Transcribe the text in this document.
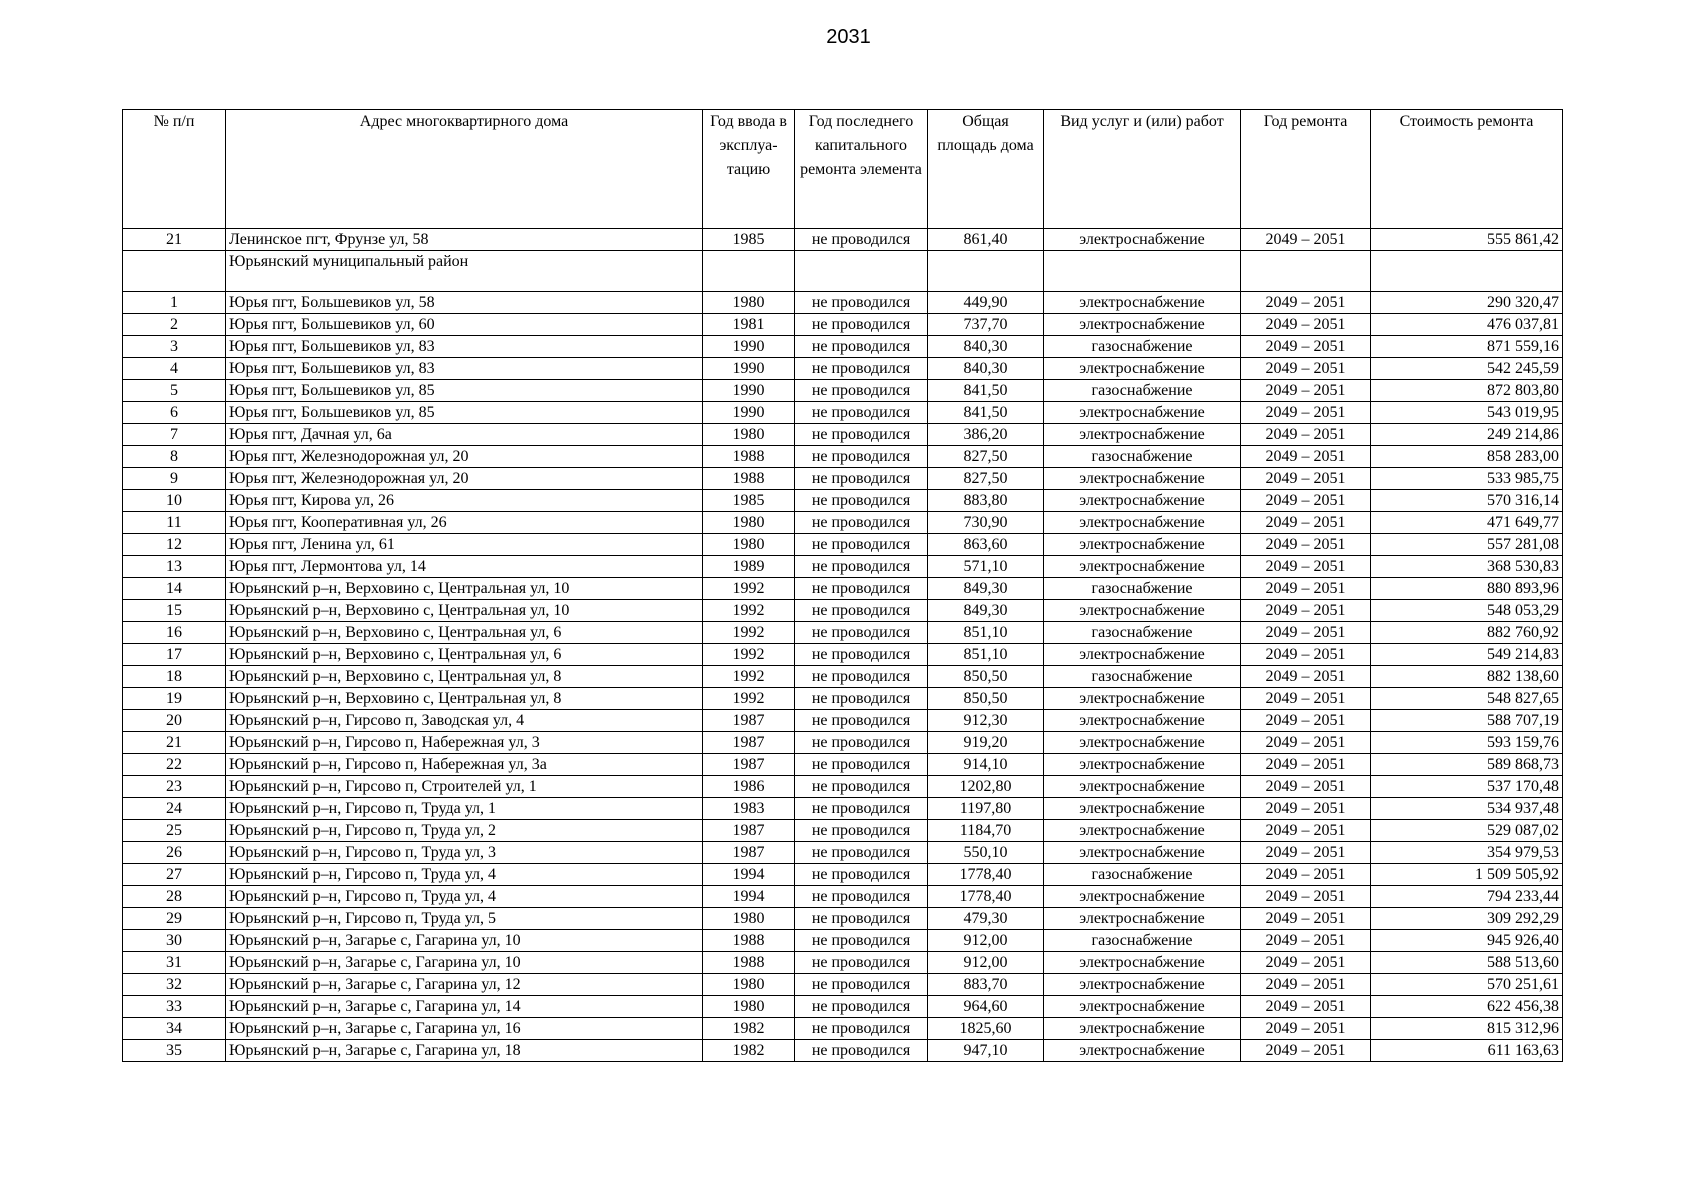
2031
№ п/п	Адрес многоквартирного дома	Год ввода в эксплуа- тацию	Год последнего капитального ремонта элемента	Общая площадь дома	Вид услуг и (или) работ	Год ремонта	Стоимость ремонта
21	Ленинское пгт, Фрунзе ул, 58	1985	не проводился	861,40	электроснабжение	2049 – 2051	555 861,42
	Юрьянский муниципальный район						
1	Юрья пгт, Большевиков ул, 58	1980	не проводился	449,90	электроснабжение	2049 – 2051	290 320,47
2	Юрья пгт, Большевиков ул, 60	1981	не проводился	737,70	электроснабжение	2049 – 2051	476 037,81
3	Юрья пгт, Большевиков ул, 83	1990	не проводился	840,30	газоснабжение	2049 – 2051	871 559,16
4	Юрья пгт, Большевиков ул, 83	1990	не проводился	840,30	электроснабжение	2049 – 2051	542 245,59
5	Юрья пгт, Большевиков ул, 85	1990	не проводился	841,50	газоснабжение	2049 – 2051	872 803,80
6	Юрья пгт, Большевиков ул, 85	1990	не проводился	841,50	электроснабжение	2049 – 2051	543 019,95
7	Юрья пгт, Дачная ул, 6а	1980	не проводился	386,20	электроснабжение	2049 – 2051	249 214,86
8	Юрья пгт, Железнодорожная ул, 20	1988	не проводился	827,50	газоснабжение	2049 – 2051	858 283,00
9	Юрья пгт, Железнодорожная ул, 20	1988	не проводился	827,50	электроснабжение	2049 – 2051	533 985,75
10	Юрья пгт, Кирова ул, 26	1985	не проводился	883,80	электроснабжение	2049 – 2051	570 316,14
11	Юрья пгт, Кооперативная ул, 26	1980	не проводился	730,90	электроснабжение	2049 – 2051	471 649,77
12	Юрья пгт, Ленина ул, 61	1980	не проводился	863,60	электроснабжение	2049 – 2051	557 281,08
13	Юрья пгт, Лермонтова ул, 14	1989	не проводился	571,10	электроснабжение	2049 – 2051	368 530,83
14	Юрьянский р–н, Верховино с, Центральная ул, 10	1992	не проводился	849,30	газоснабжение	2049 – 2051	880 893,96
15	Юрьянский р–н, Верховино с, Центральная ул, 10	1992	не проводился	849,30	электроснабжение	2049 – 2051	548 053,29
16	Юрьянский р–н, Верховино с, Центральная ул, 6	1992	не проводился	851,10	газоснабжение	2049 – 2051	882 760,92
17	Юрьянский р–н, Верховино с, Центральная ул, 6	1992	не проводился	851,10	электроснабжение	2049 – 2051	549 214,83
18	Юрьянский р–н, Верховино с, Центральная ул, 8	1992	не проводился	850,50	газоснабжение	2049 – 2051	882 138,60
19	Юрьянский р–н, Верховино с, Центральная ул, 8	1992	не проводился	850,50	электроснабжение	2049 – 2051	548 827,65
20	Юрьянский р–н, Гирсово п, Заводская ул, 4	1987	не проводился	912,30	электроснабжение	2049 – 2051	588 707,19
21	Юрьянский р–н, Гирсово п, Набережная ул, 3	1987	не проводился	919,20	электроснабжение	2049 – 2051	593 159,76
22	Юрьянский р–н, Гирсово п, Набережная ул, 3а	1987	не проводился	914,10	электроснабжение	2049 – 2051	589 868,73
23	Юрьянский р–н, Гирсово п, Строителей ул, 1	1986	не проводился	1202,80	электроснабжение	2049 – 2051	537 170,48
24	Юрьянский р–н, Гирсово п, Труда ул, 1	1983	не проводился	1197,80	электроснабжение	2049 – 2051	534 937,48
25	Юрьянский р–н, Гирсово п, Труда ул, 2	1987	не проводился	1184,70	электроснабжение	2049 – 2051	529 087,02
26	Юрьянский р–н, Гирсово п, Труда ул, 3	1987	не проводился	550,10	электроснабжение	2049 – 2051	354 979,53
27	Юрьянский р–н, Гирсово п, Труда ул, 4	1994	не проводился	1778,40	газоснабжение	2049 – 2051	1 509 505,92
28	Юрьянский р–н, Гирсово п, Труда ул, 4	1994	не проводился	1778,40	электроснабжение	2049 – 2051	794 233,44
29	Юрьянский р–н, Гирсово п, Труда ул, 5	1980	не проводился	479,30	электроснабжение	2049 – 2051	309 292,29
30	Юрьянский р–н, Загарье с, Гагарина ул, 10	1988	не проводился	912,00	газоснабжение	2049 – 2051	945 926,40
31	Юрьянский р–н, Загарье с, Гагарина ул, 10	1988	не проводился	912,00	электроснабжение	2049 – 2051	588 513,60
32	Юрьянский р–н, Загарье с, Гагарина ул, 12	1980	не проводился	883,70	электроснабжение	2049 – 2051	570 251,61
33	Юрьянский р–н, Загарье с, Гагарина ул, 14	1980	не проводился	964,60	электроснабжение	2049 – 2051	622 456,38
34	Юрьянский р–н, Загарье с, Гагарина ул, 16	1982	не проводился	1825,60	электроснабжение	2049 – 2051	815 312,96
35	Юрьянский р–н, Загарье с, Гагарина ул, 18	1982	не проводился	947,10	электроснабжение	2049 – 2051	611 163,63
